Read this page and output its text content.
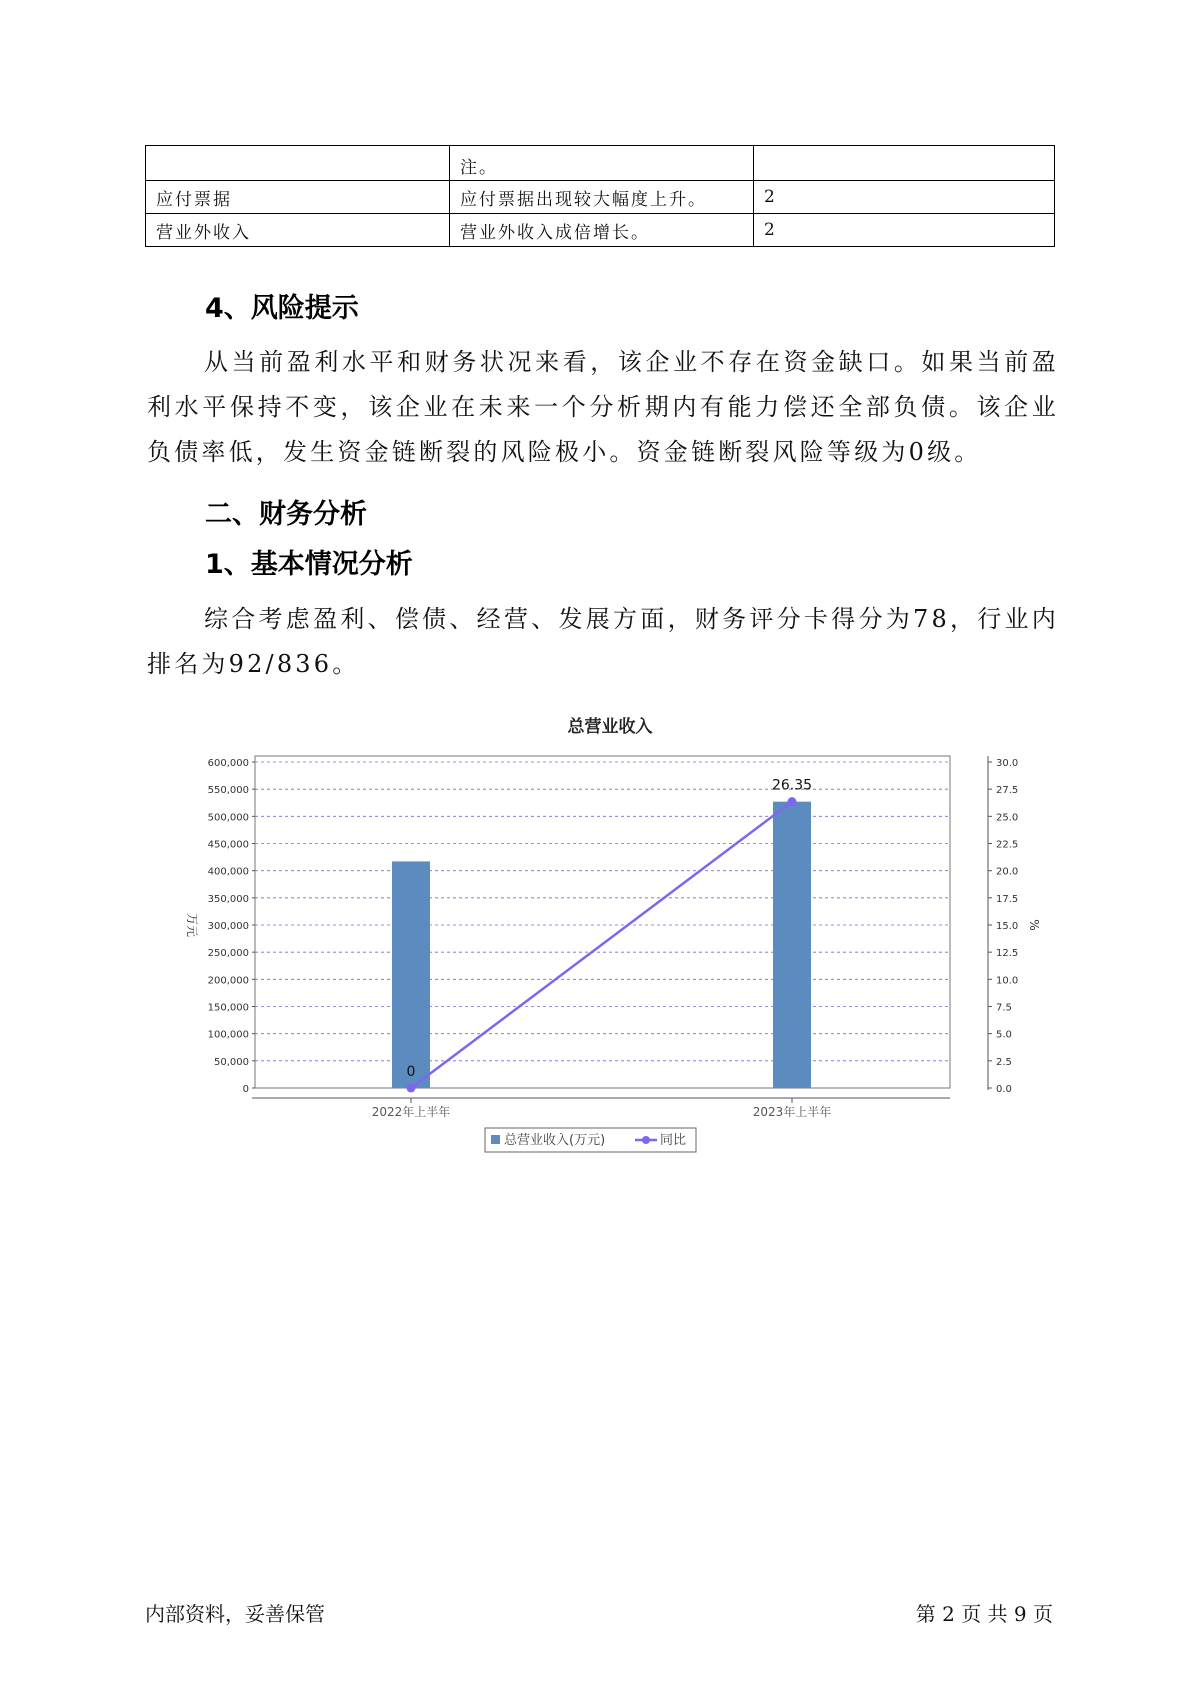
	注。	
应付票据	应付票据出现较大幅度上升。	2
营业外收入	营业外收入成倍增长。	2
4、风险提示

从当前盈利水平和财务状况来看，该企业不存在资金缺口。如果当前盈利水平保持不变，该企业在未来一个分析期内有能力偿还全部负债。该企业负债率低，发生资金链断裂的风险极小。资金链断裂风险等级为0级。

二、财务分析
1、基本情况分析

综合考虑盈利、偿债、经营、发展方面，财务评分卡得分为78，行业内排名为92/836。

总营业收入
0	0.0
50,000	2.5
100,000	5.0
150,000	7.5
200,000	10.0
250,000	12.5
300,000	15.0
350,000	17.5
400,000	20.0
450,000	22.5
500,000	25.0
550,000	27.5
600,000	30.0
万元	%
2022年上半年	2023年上半年
0
26.35
总营业收入(万元)	同比
内部资料，妥善保管	第 2 页 共 9 页
